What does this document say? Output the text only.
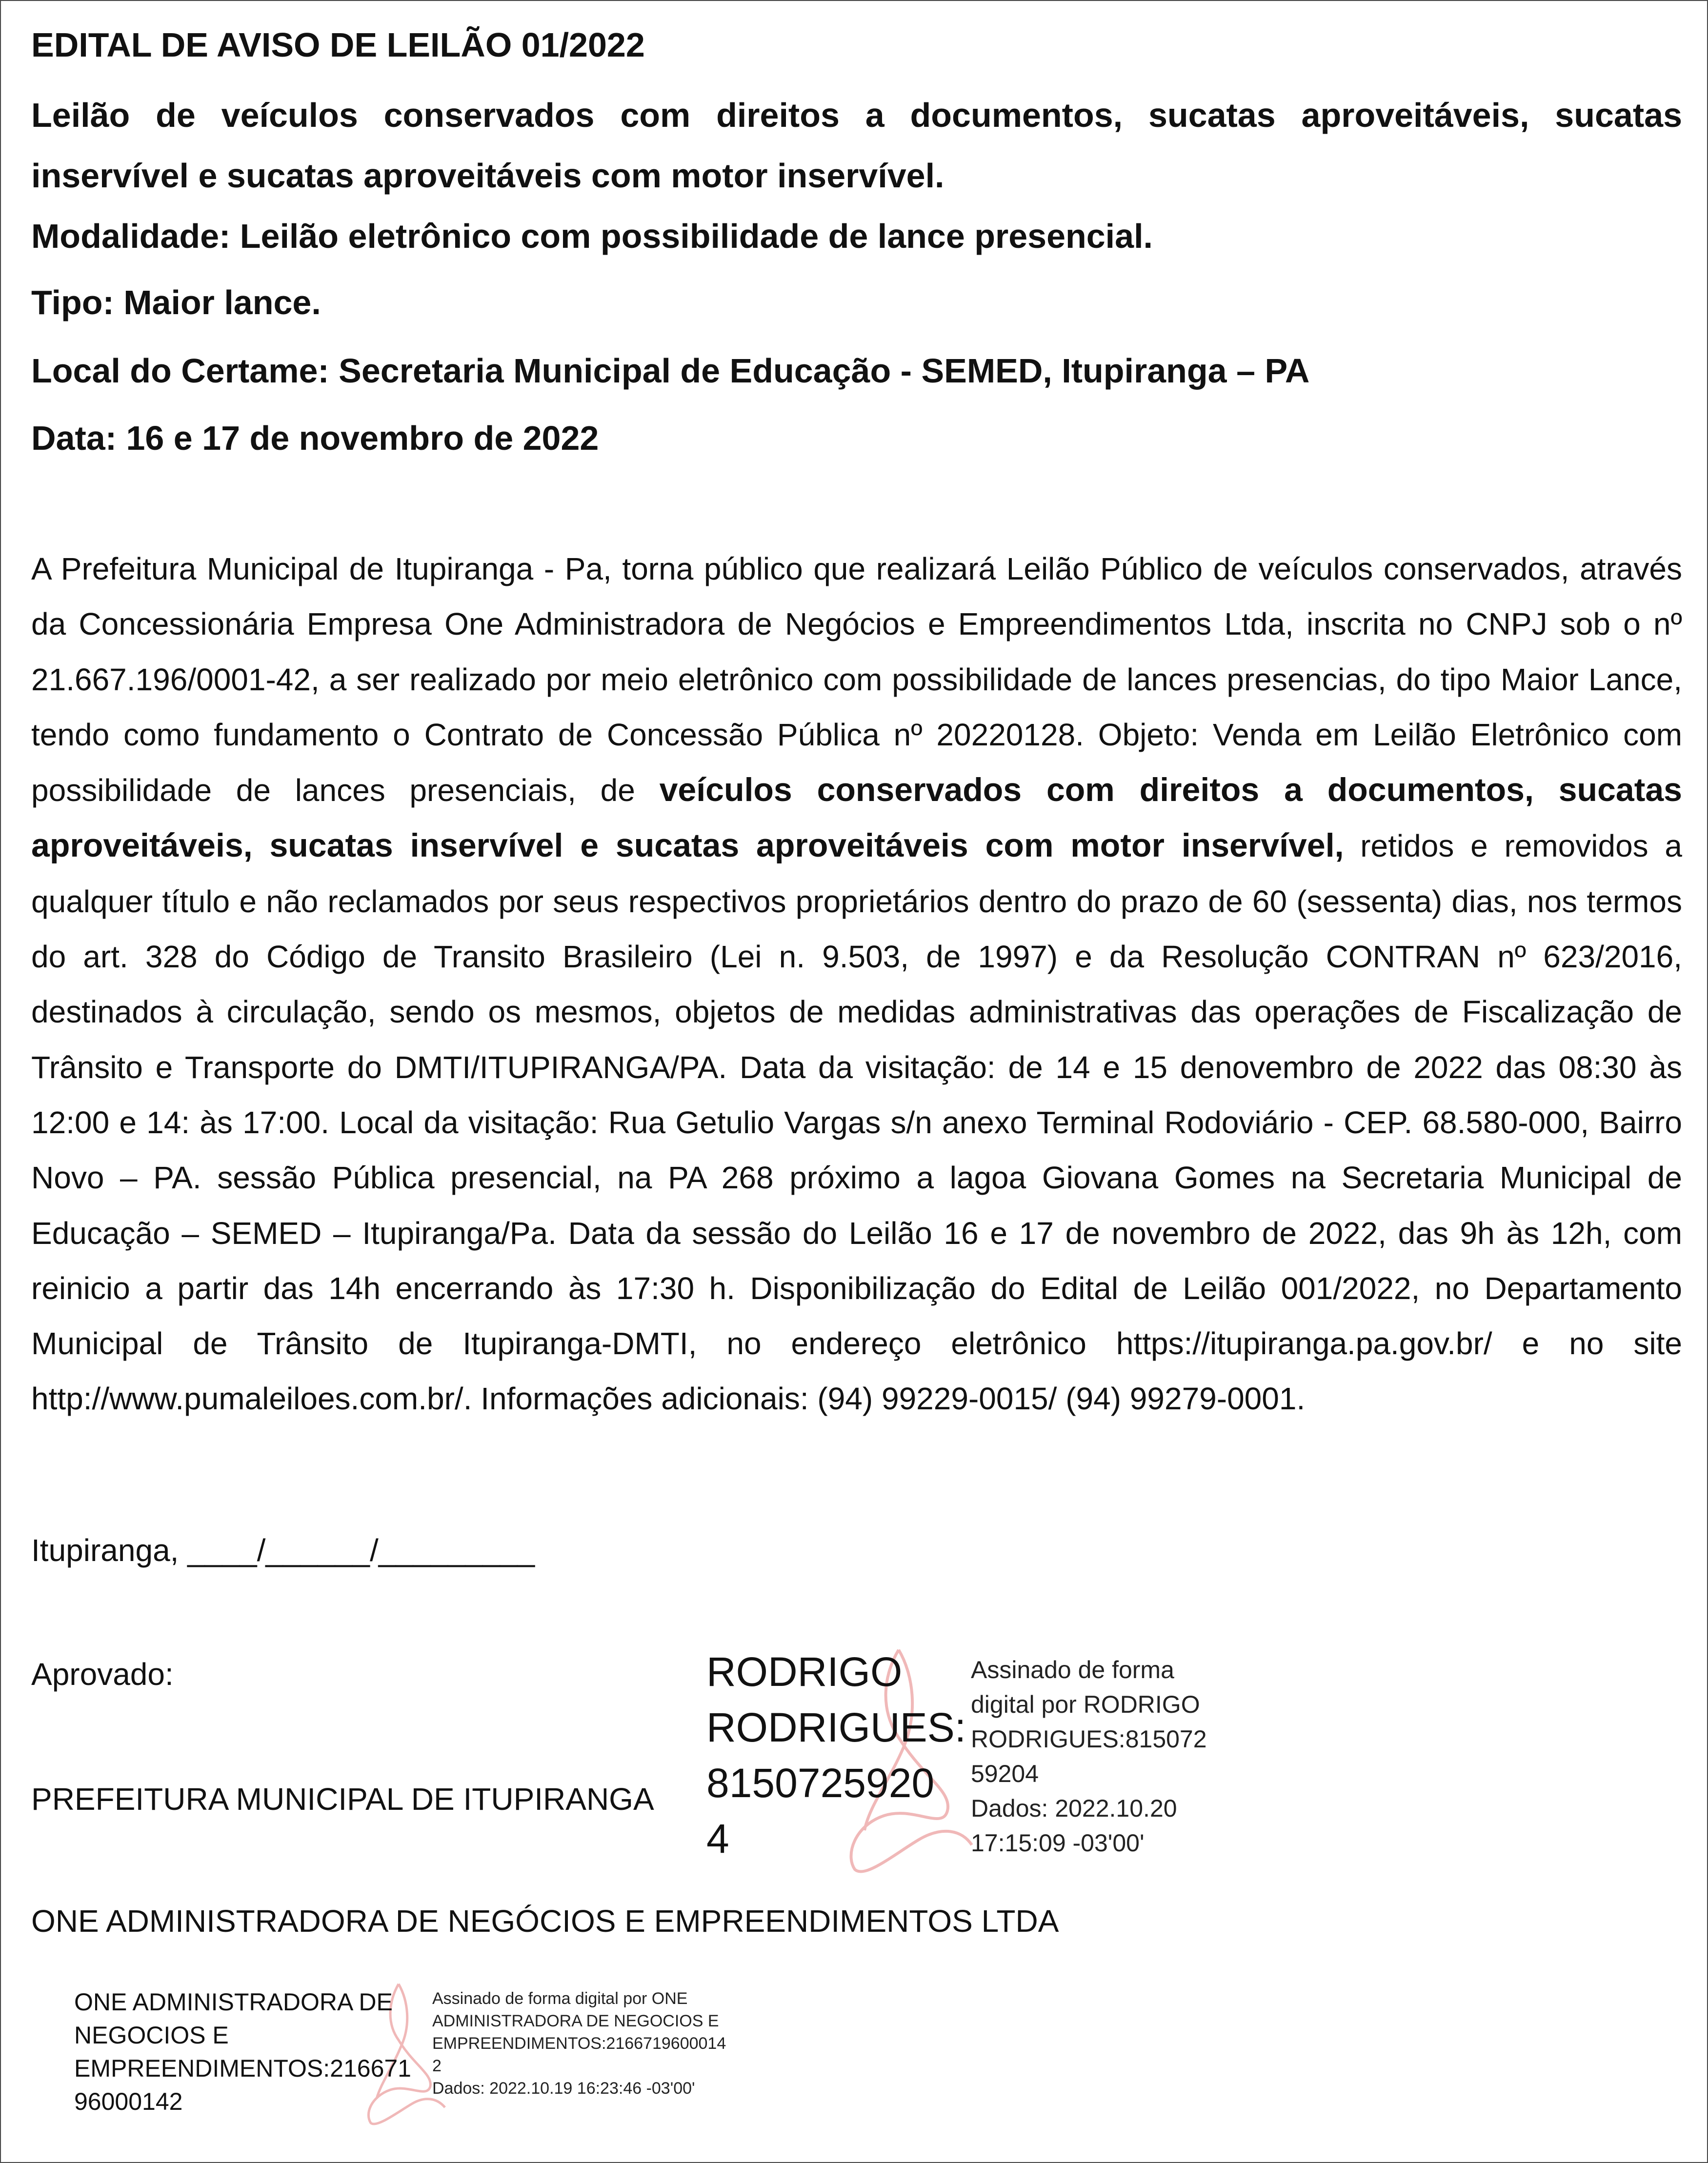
EDITAL DE AVISO DE LEILÃO 01/2022
Leilão de veículos conservados com direitos a documentos, sucatas aproveitáveis, sucatas inservível e sucatas aproveitáveis com motor inservível.
Modalidade: Leilão eletrônico com possibilidade de lance presencial.
Tipo: Maior lance.
Local do Certame: Secretaria Municipal de Educação - SEMED, Itupiranga – PA
Data: 16 e 17 de novembro de 2022
A Prefeitura Municipal de Itupiranga - Pa, torna público que realizará Leilão Público de veículos conservados, através da Concessionária Empresa One Administradora de Negócios e Empreendimentos Ltda, inscrita no CNPJ sob o nº 21.667.196/0001-42, a ser realizado por meio eletrônico com possibilidade de lances presencias, do tipo Maior Lance, tendo como fundamento o Contrato de Concessão Pública nº 20220128. Objeto: Venda em Leilão Eletrônico com possibilidade de lances presenciais, de veículos conservados com direitos a documentos, sucatas aproveitáveis, sucatas inservível e sucatas aproveitáveis com motor inservível, retidos e removidos a qualquer título e não reclamados por seus respectivos proprietários dentro do prazo de 60 (sessenta) dias, nos termos do art. 328 do Código de Transito Brasileiro (Lei n. 9.503, de 1997) e da Resolução CONTRAN nº 623/2016, destinados à circulação, sendo os mesmos, objetos de medidas administrativas das operações de Fiscalização de Trânsito e Transporte do DMTI/ITUPIRANGA/PA. Data da visitação: de 14 e 15 denovembro de 2022 das 08:30 às 12:00 e 14: às 17:00. Local da visitação: Rua Getulio Vargas s/n anexo Terminal Rodoviário - CEP. 68.580-000, Bairro Novo – PA. sessão Pública presencial, na PA 268 próximo a lagoa Giovana Gomes na Secretaria Municipal de Educação – SEMED – Itupiranga/Pa. Data da sessão do Leilão 16 e 17 de novembro de 2022, das 9h às 12h, com reinicio a partir das 14h encerrando às 17:30 h. Disponibilização do Edital de Leilão 001/2022, no Departamento Municipal de Trânsito de Itupiranga-DMTI, no endereço eletrônico https://itupiranga.pa.gov.br/ e no site http://www.pumaleiloes.com.br/. Informações adicionais: (94) 99229-0015/ (94) 99279-0001.
Itupiranga, ____/______/_________
Aprovado:
PREFEITURA MUNICIPAL DE ITUPIRANGA
ONE ADMINISTRADORA DE NEGÓCIOS E EMPREENDIMENTOS LTDA
RODRIGO
RODRIGUES:
8150725920
4
Assinado de forma
digital por RODRIGO
RODRIGUES:815072
59204
Dados: 2022.10.20
17:15:09 -03'00'
ONE ADMINISTRADORA DE
NEGOCIOS E
EMPREENDIMENTOS:216671
96000142
Assinado de forma digital por ONE
ADMINISTRADORA DE NEGOCIOS E
EMPREENDIMENTOS:2166719600014
2
Dados: 2022.10.19 16:23:46 -03'00'
